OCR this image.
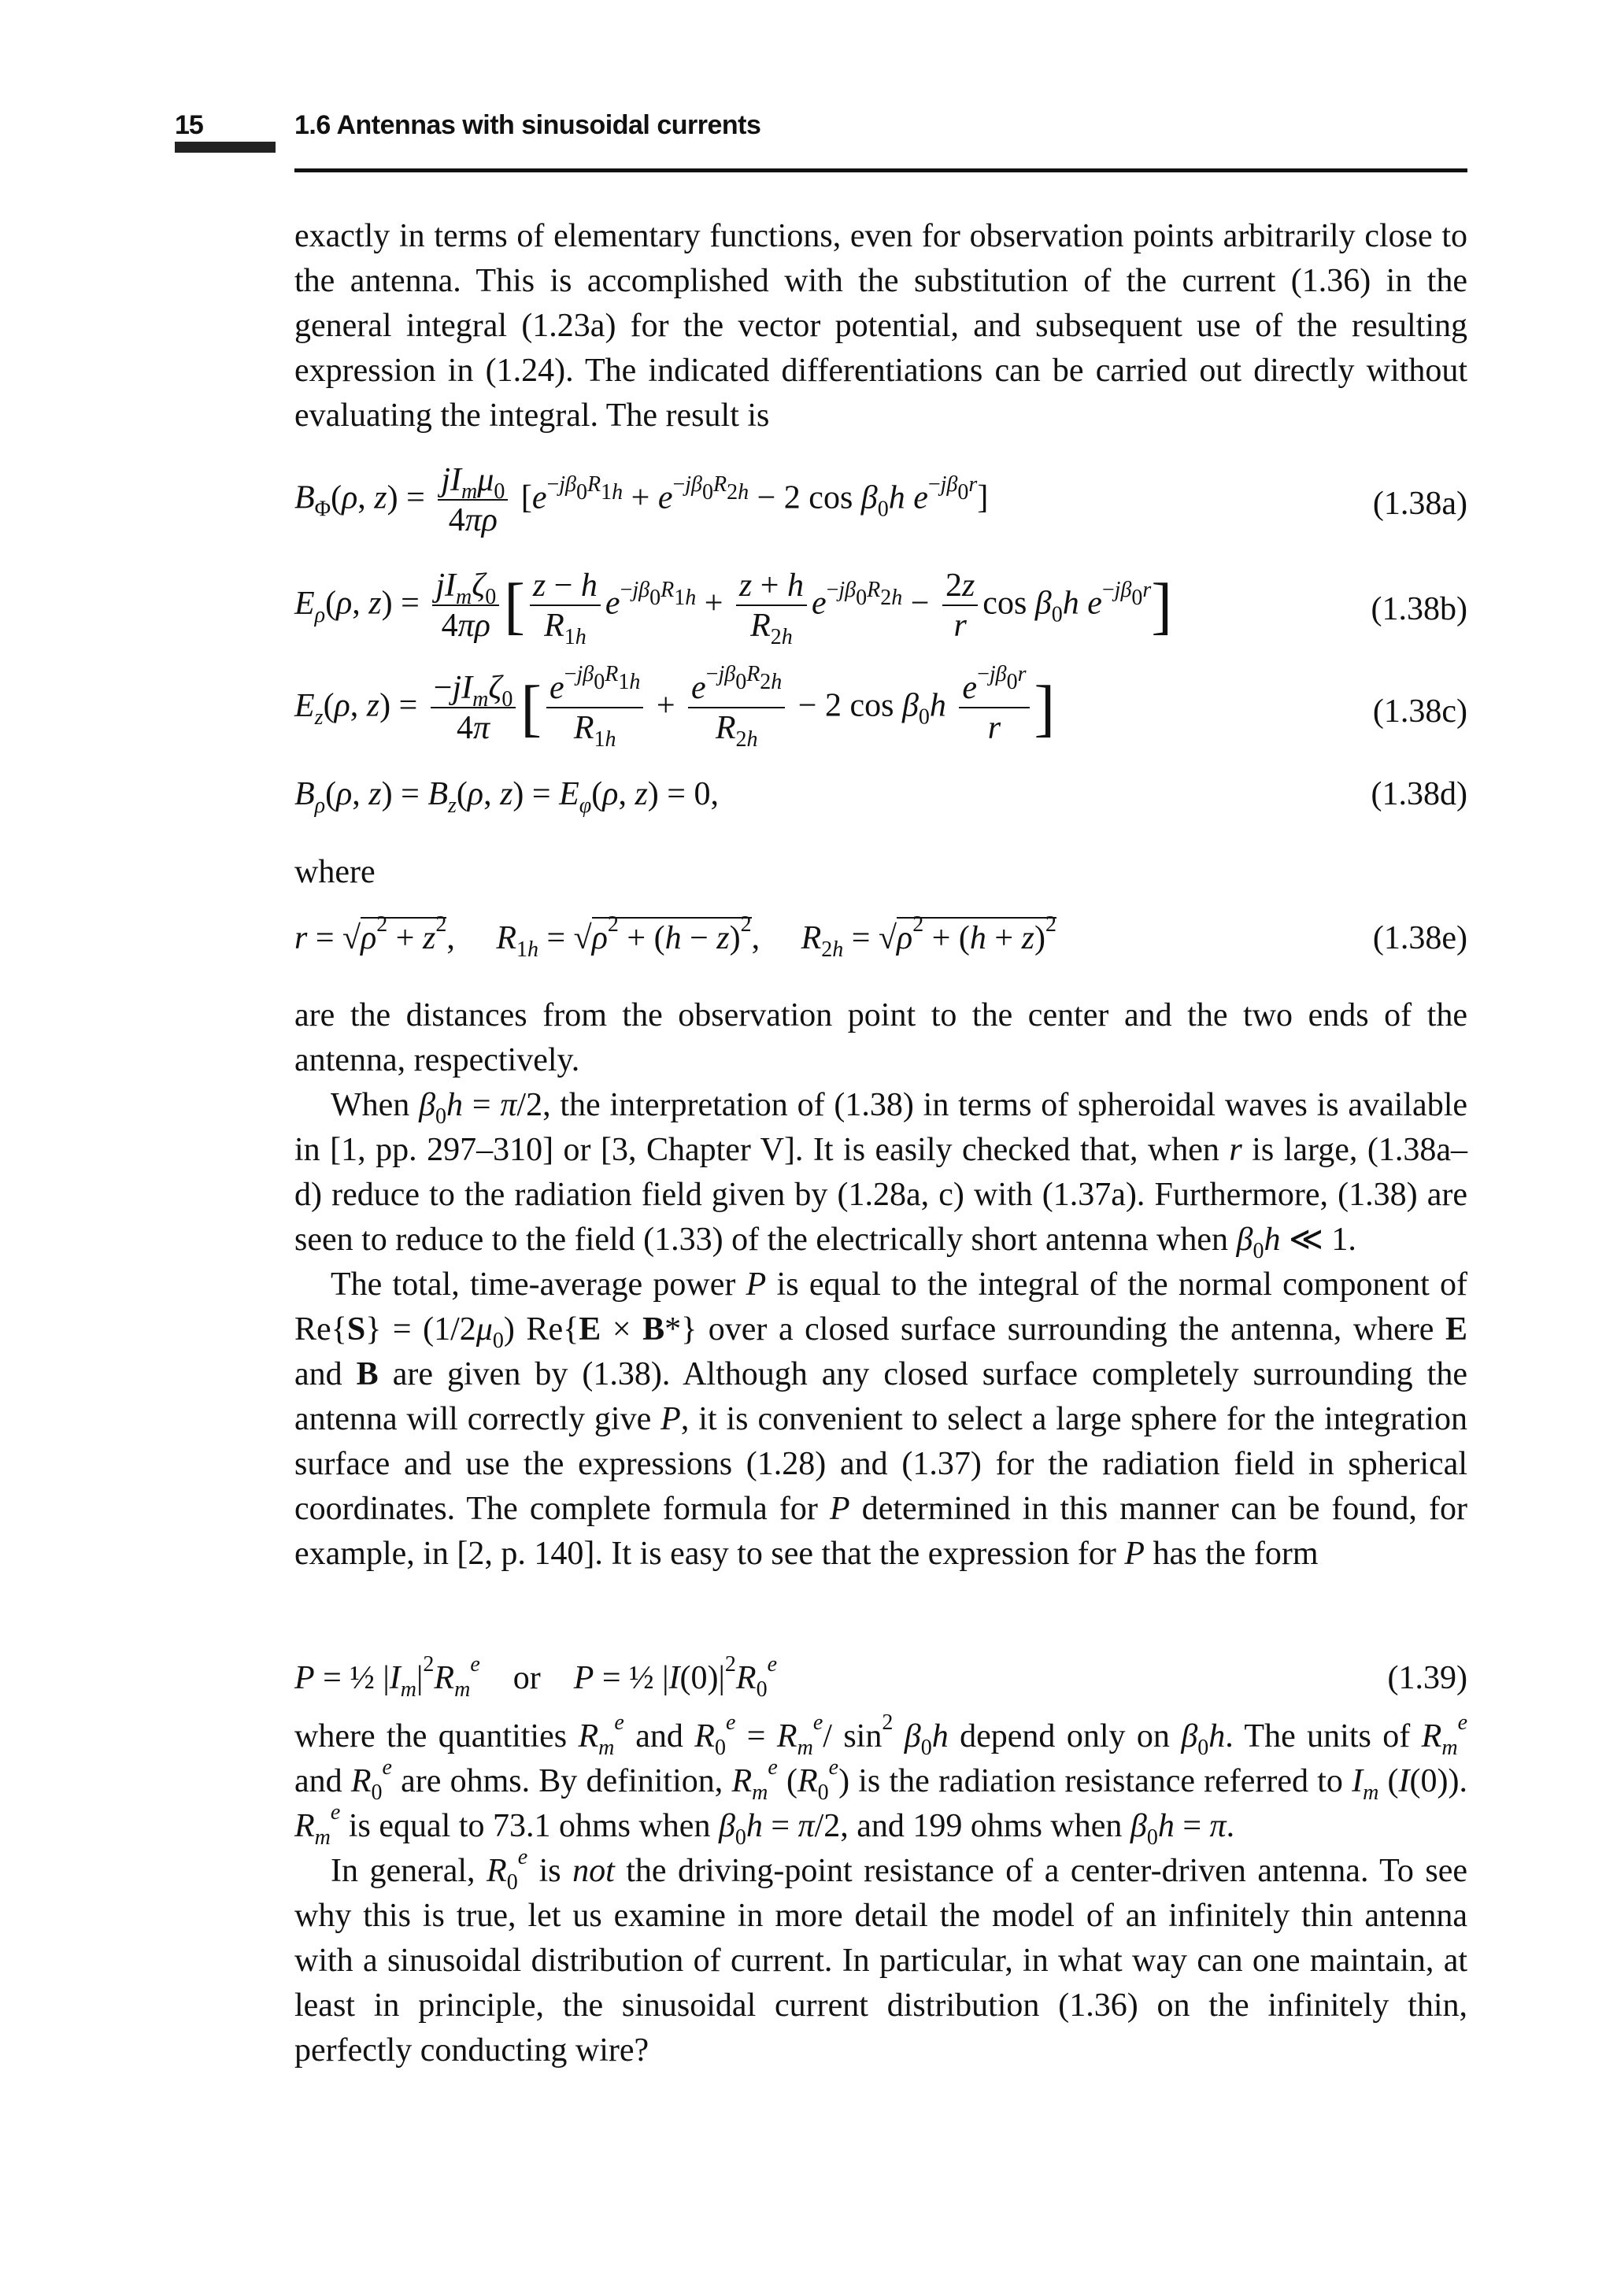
15	1.6 Antennas with sinusoidal currents

exactly in terms of elementary functions, even for observation points arbitrarily close to the antenna. This is accomplished with the substitution of the current (1.36) in the general integral (1.23a) for the vector potential, and subsequent use of the resulting expression in (1.24). The indicated differentiations can be carried out directly without evaluating the integral. The result is

$B_\Phi(\rho$, $z) = \frac{jI_m\mu_0}{4\pi\rho} [e^{-j\beta_0R_{1h}} + e^{-j\beta_0R_{2h}} - 2$ $\cos \beta_0h$ $e^{-j\beta_0r}$]	(1.38a)
$E_\rho(\rho$, $z) = \frac{jI_m\zeta_0}{4\pi\rho}$ [ $\frac{z - h}{R_{1h}} e^{-j\beta_0R_{1h}} + \frac{z + h}{R_{2h}} e^{-j\beta_0R_{2h}} - \frac{2z}{r}$ $\cos \beta_0h$ $e^{-j\beta_0r}$]	(1.38b)
$E_z(\rho$, $z) = \frac{-jI_m\zeta_0}{4\pi}$ [ $\frac{e^{-j\beta_0R_{1h}}}{R_{1h}} + \frac{e^{-j\beta_0R_{2h}}}{R_{2h}} - 2$ $\cos \beta_0h \frac{e^{-j\beta_0r}}{r}$ ]	(1.38c)
$B_\rho(\rho$, $z) = B_z(\rho$, $z) = E_\varphi(\rho$, z) = 0,	(1.38d)

where

$r = √\rho^2 + z^2$,     $R_{1h} = √\rho^2 + (h - z)^2$,     $R_{2h} = √\rho^2 + (h + z)^2$	(1.38e)

are the distances from the observation point to the center and the two ends of the antenna, respectively.

When $\beta_0h = \pi/2$, the interpretation of (1.38) in terms of spheroidal waves is available in [1, pp. 297–310] or [3, Chapter V]. It is easily checked that, when r is large, (1.38a–d) reduce to the radiation field given by (1.28a, c) with (1.37a). Furthermore, (1.38) are seen to reduce to the field (1.33) of the electrically short antenna when $\beta_0h$ ≪ 1.

The total, time-average power P is equal to the integral of the normal component of $Re\{S\} = (1/2\mu_0) Re\{E \times B*\}$ over a closed surface surrounding the antenna, where E and B are given by (1.38). Although any closed surface completely surrounding the antenna will correctly give P, it is convenient to select a large sphere for the integration surface and use the expressions (1.28) and (1.37) for the radiation field in spherical coordinates. The complete formula for P determined in this manner can be found, for example, in [2, p. 140]. It is easy to see that the expression for P has the form

P = ½ $|I_m|^2R_m^e$    or    P = ½ $|I(0)|^2R_0^e$	(1.39)

where the quantities $R_m^e$ and $R_0^e = R_m^e/$ $\sin^2 \beta_0h$ depend only on $\beta_0h$. The units of $R_m^e$ and $R_0^e$ are ohms. By definition, $R_m^e$ $(R_0^e)$ is the radiation resistance referred to $I_m$ (I(0)). $R_m^e$ is equal to 73.1 ohms when $\beta_0h = \pi/2$, and 199 ohms when $\beta_0h = \pi$.

In general, $R_0^e$ is not the driving-point resistance of a center-driven antenna. To see why this is true, let us examine in more detail the model of an infinitely thin antenna with a sinusoidal distribution of current. In particular, in what way can one maintain, at least in principle, the sinusoidal current distribution (1.36) on the infinitely thin, perfectly conducting wire?
